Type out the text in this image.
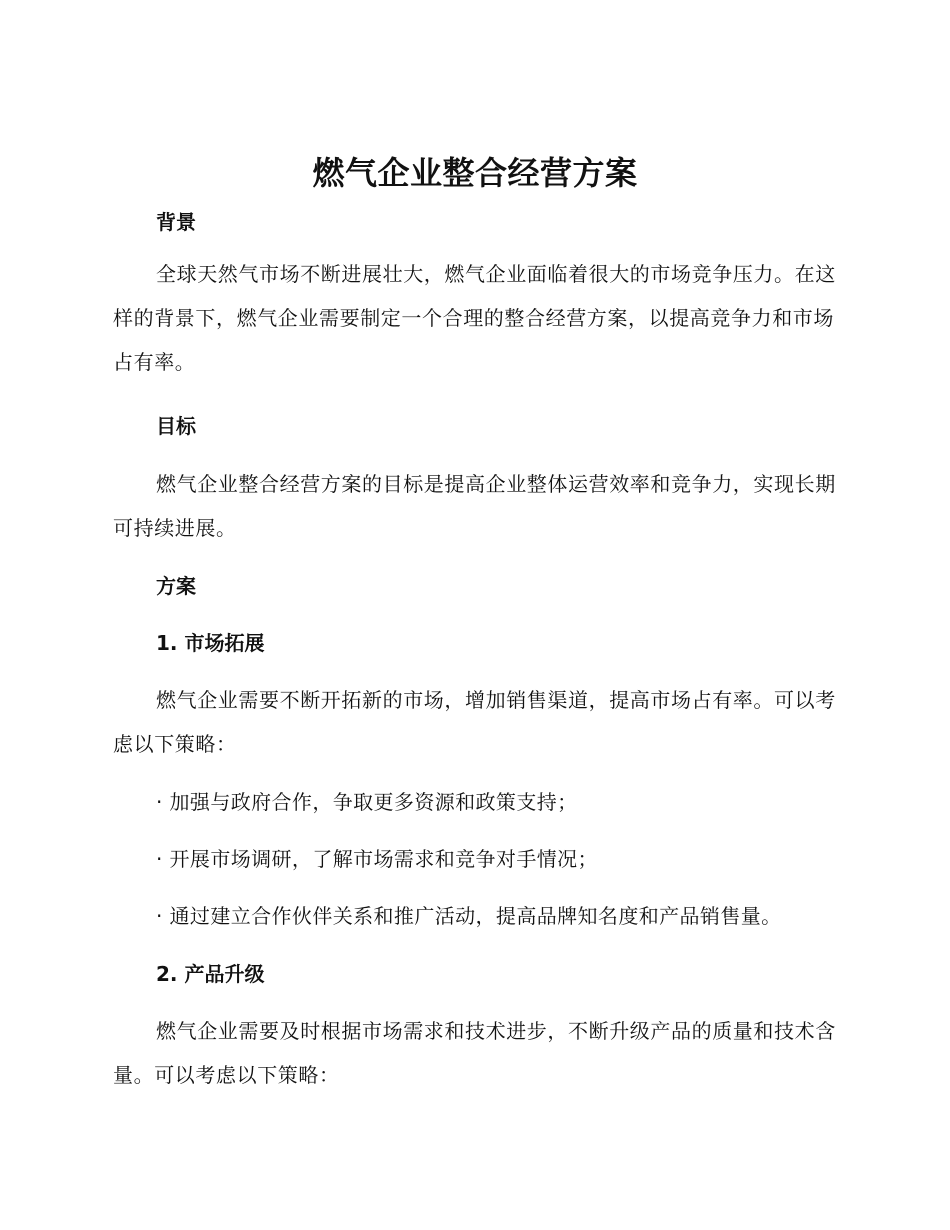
燃气企业整合经营方案
背景

全球天然气市场不断进展壮大，燃气企业面临着很大的市场竞争压力。在这样的背景下，燃气企业需要制定一个合理的整合经营方案，以提高竞争力和市场占有率。

目标

燃气企业整合经营方案的目标是提高企业整体运营效率和竞争力，实现长期可持续进展。

方案
1. 市场拓展

燃气企业需要不断开拓新的市场，增加销售渠道，提高市场占有率。可以考虑以下策略：

· 加强与政府合作，争取更多资源和政策支持；

· 开展市场调研，了解市场需求和竞争对手情况；

· 通过建立合作伙伴关系和推广活动，提高品牌知名度和产品销售量。

2. 产品升级

燃气企业需要及时根据市场需求和技术进步，不断升级产品的质量和技术含量。可以考虑以下策略：
